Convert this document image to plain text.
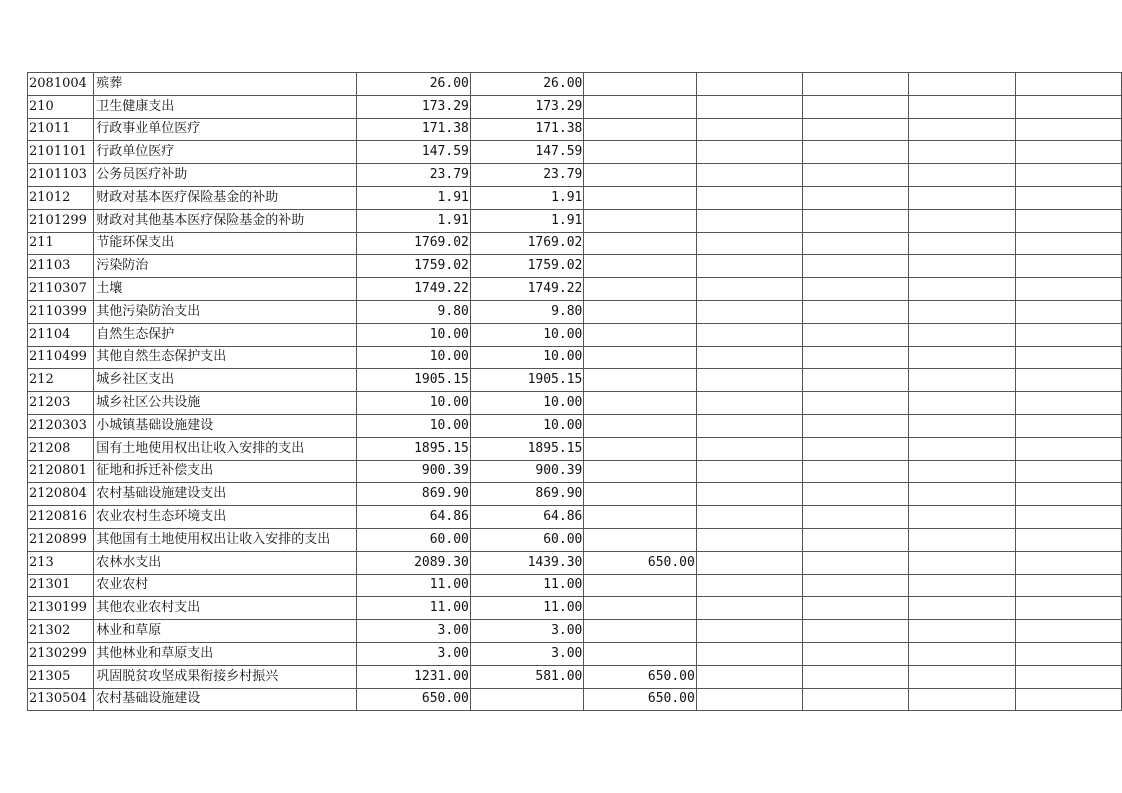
2081004	殡葬	26.00	26.00					
210	卫生健康支出	173.29	173.29					
21011	行政事业单位医疗	171.38	171.38					
2101101	行政单位医疗	147.59	147.59					
2101103	公务员医疗补助	23.79	23.79					
21012	财政对基本医疗保险基金的补助	1.91	1.91					
2101299	财政对其他基本医疗保险基金的补助	1.91	1.91					
211	节能环保支出	1769.02	1769.02					
21103	污染防治	1759.02	1759.02					
2110307	土壤	1749.22	1749.22					
2110399	其他污染防治支出	9.80	9.80					
21104	自然生态保护	10.00	10.00					
2110499	其他自然生态保护支出	10.00	10.00					
212	城乡社区支出	1905.15	1905.15					
21203	城乡社区公共设施	10.00	10.00					
2120303	小城镇基础设施建设	10.00	10.00					
21208	国有土地使用权出让收入安排的支出	1895.15	1895.15					
2120801	征地和拆迁补偿支出	900.39	900.39					
2120804	农村基础设施建设支出	869.90	869.90					
2120816	农业农村生态环境支出	64.86	64.86					
2120899	其他国有土地使用权出让收入安排的支出	60.00	60.00					
213	农林水支出	2089.30	1439.30	650.00				
21301	农业农村	11.00	11.00					
2130199	其他农业农村支出	11.00	11.00					
21302	林业和草原	3.00	3.00					
2130299	其他林业和草原支出	3.00	3.00					
21305	巩固脱贫攻坚成果衔接乡村振兴	1231.00	581.00	650.00				
2130504	农村基础设施建设	650.00		650.00				
